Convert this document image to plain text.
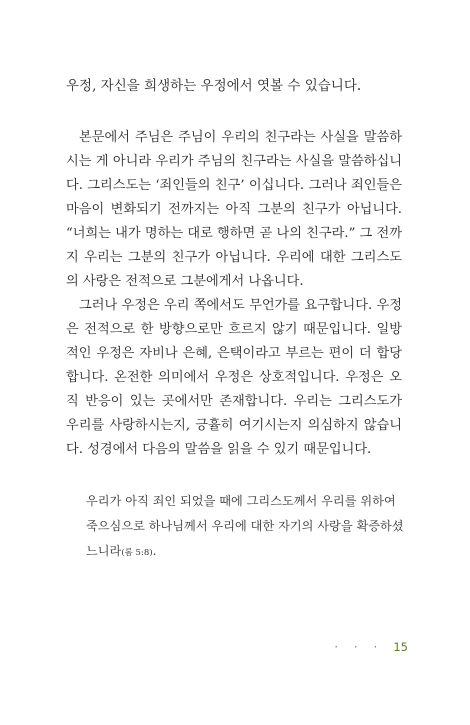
우정, 자신을 희생하는 우정에서 엿볼 수 있습니다.

본문에서 주님은 주님이 우리의 친구라는 사실을 말씀하시는 게 아니라 우리가 주님의 친구라는 사실을 말씀하십니다. 그리스도는 ‘죄인들의 친구’ 이십니다. 그러나 죄인들은 마음이 변화되기 전까지는 아직 그분의 친구가 아닙니다. “너희는 내가 명하는 대로 행하면 곧 나의 친구라.” 그 전까지 우리는 그분의 친구가 아닙니다. 우리에 대한 그리스도의 사랑은 전적으로 그분에게서 나옵니다.

그러나 우정은 우리 쪽에서도 무언가를 요구합니다. 우정은 전적으로 한 방향으로만 흐르지 않기 때문입니다. 일방적인 우정은 자비나 은혜, 은택이라고 부르는 편이 더 합당합니다. 온전한 의미에서 우정은 상호적입니다. 우정은 오직 반응이 있는 곳에서만 존재합니다. 우리는 그리스도가 우리를 사랑하시는지, 긍휼히 여기시는지 의심하지 않습니다. 성경에서 다음의 말씀을 읽을 수 있기 때문입니다.

우리가 아직 죄인 되었을 때에 그리스도께서 우리를 위하여 죽으심으로 하나님께서 우리에 대한 자기의 사랑을 확증하셨느니라(롬 5:8).
· · · 15
